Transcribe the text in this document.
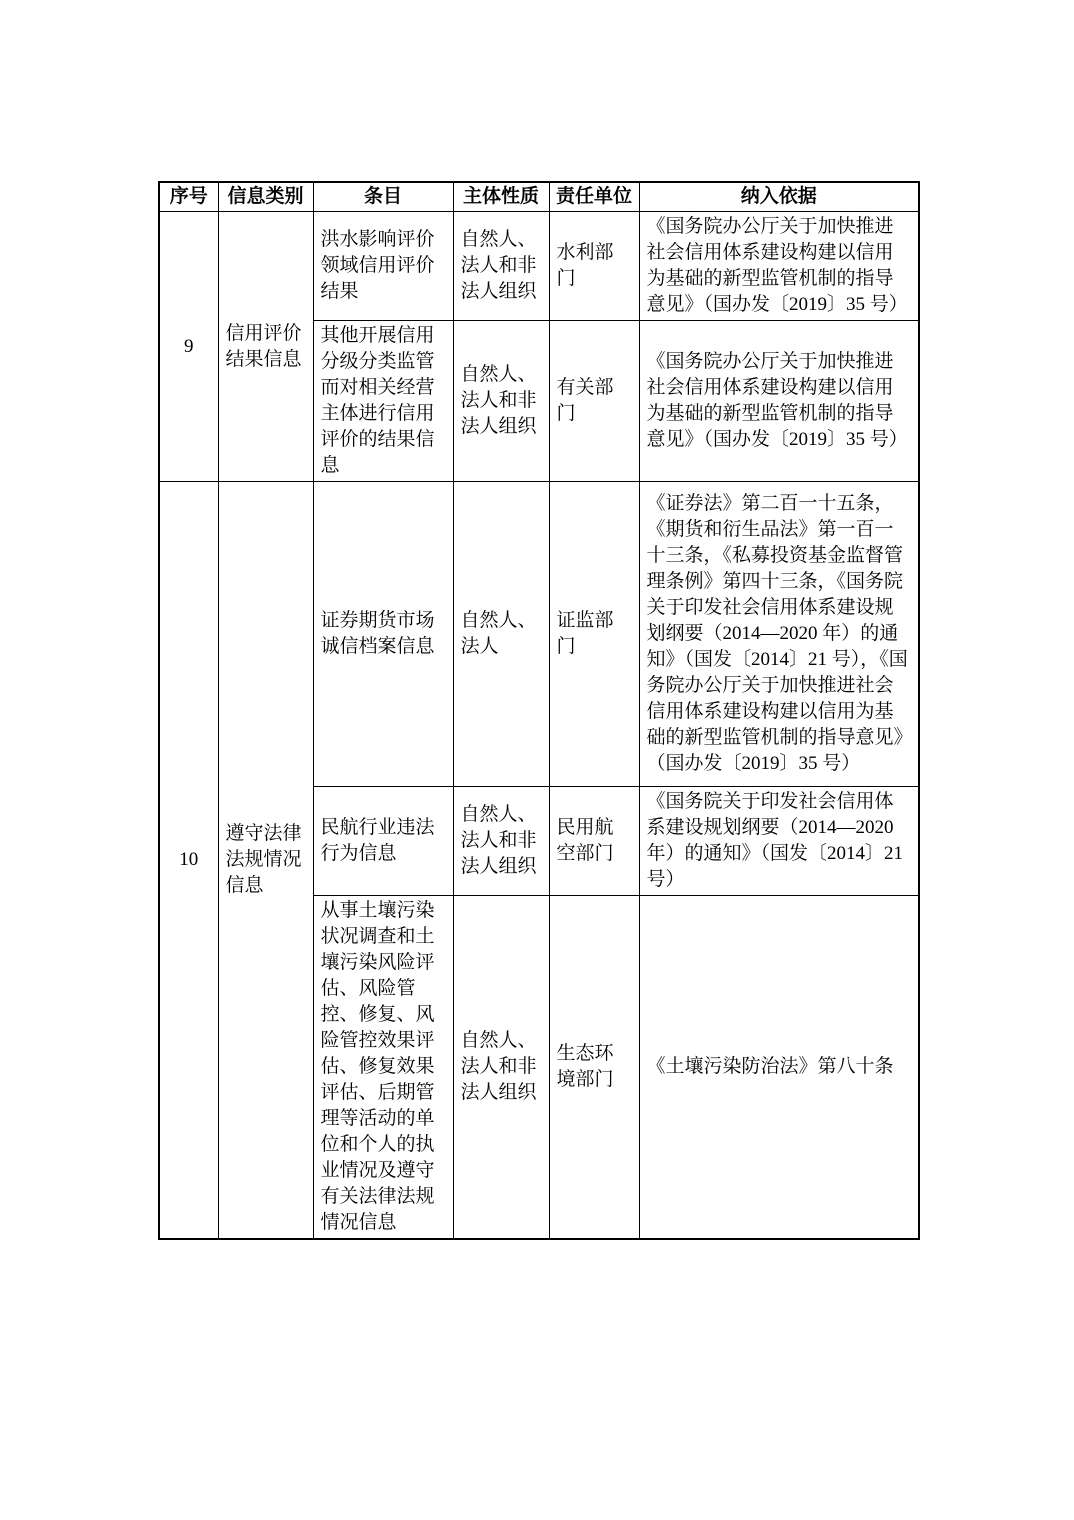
序号	信息类别	条目	主体性质	责任单位	纳入依据
9	信用评价结果信息	洪水影响评价领域信用评价结果	自然人、法人和非法人组织	水利部门	《国务院办公厅关于加快推进社会信用体系建设构建以信用为基础的新型监管机制的指导意见》（国办发〔2019〕35 号）
		其他开展信用分级分类监管而对相关经营主体进行信用评价的结果信息	自然人、法人和非法人组织	有关部门	《国务院办公厅关于加快推进社会信用体系建设构建以信用为基础的新型监管机制的指导意见》（国办发〔2019〕35 号）
10	遵守法律法规情况信息	证券期货市场诚信档案信息	自然人、法人	证监部门	《证券法》第二百一十五条，《期货和衍生品法》第一百一十三条，《私募投资基金监督管理条例》第四十三条，《国务院关于印发社会信用体系建设规划纲要（2014—2020 年）的通知》（国发〔2014〕21 号），《国务院办公厅关于加快推进社会信用体系建设构建以信用为基础的新型监管机制的指导意见》（国办发〔2019〕35 号）
		民航行业违法行为信息	自然人、法人和非法人组织	民用航空部门	《国务院关于印发社会信用体系建设规划纲要（2014—2020 年）的通知》（国发〔2014〕21 号）
		从事土壤污染状况调查和土壤污染风险评估、风险管控、修复、风险管控效果评估、修复效果评估、后期管理等活动的单位和个人的执业情况及遵守有关法律法规情况信息	自然人、法人和非法人组织	生态环境部门	《土壤污染防治法》第八十条
